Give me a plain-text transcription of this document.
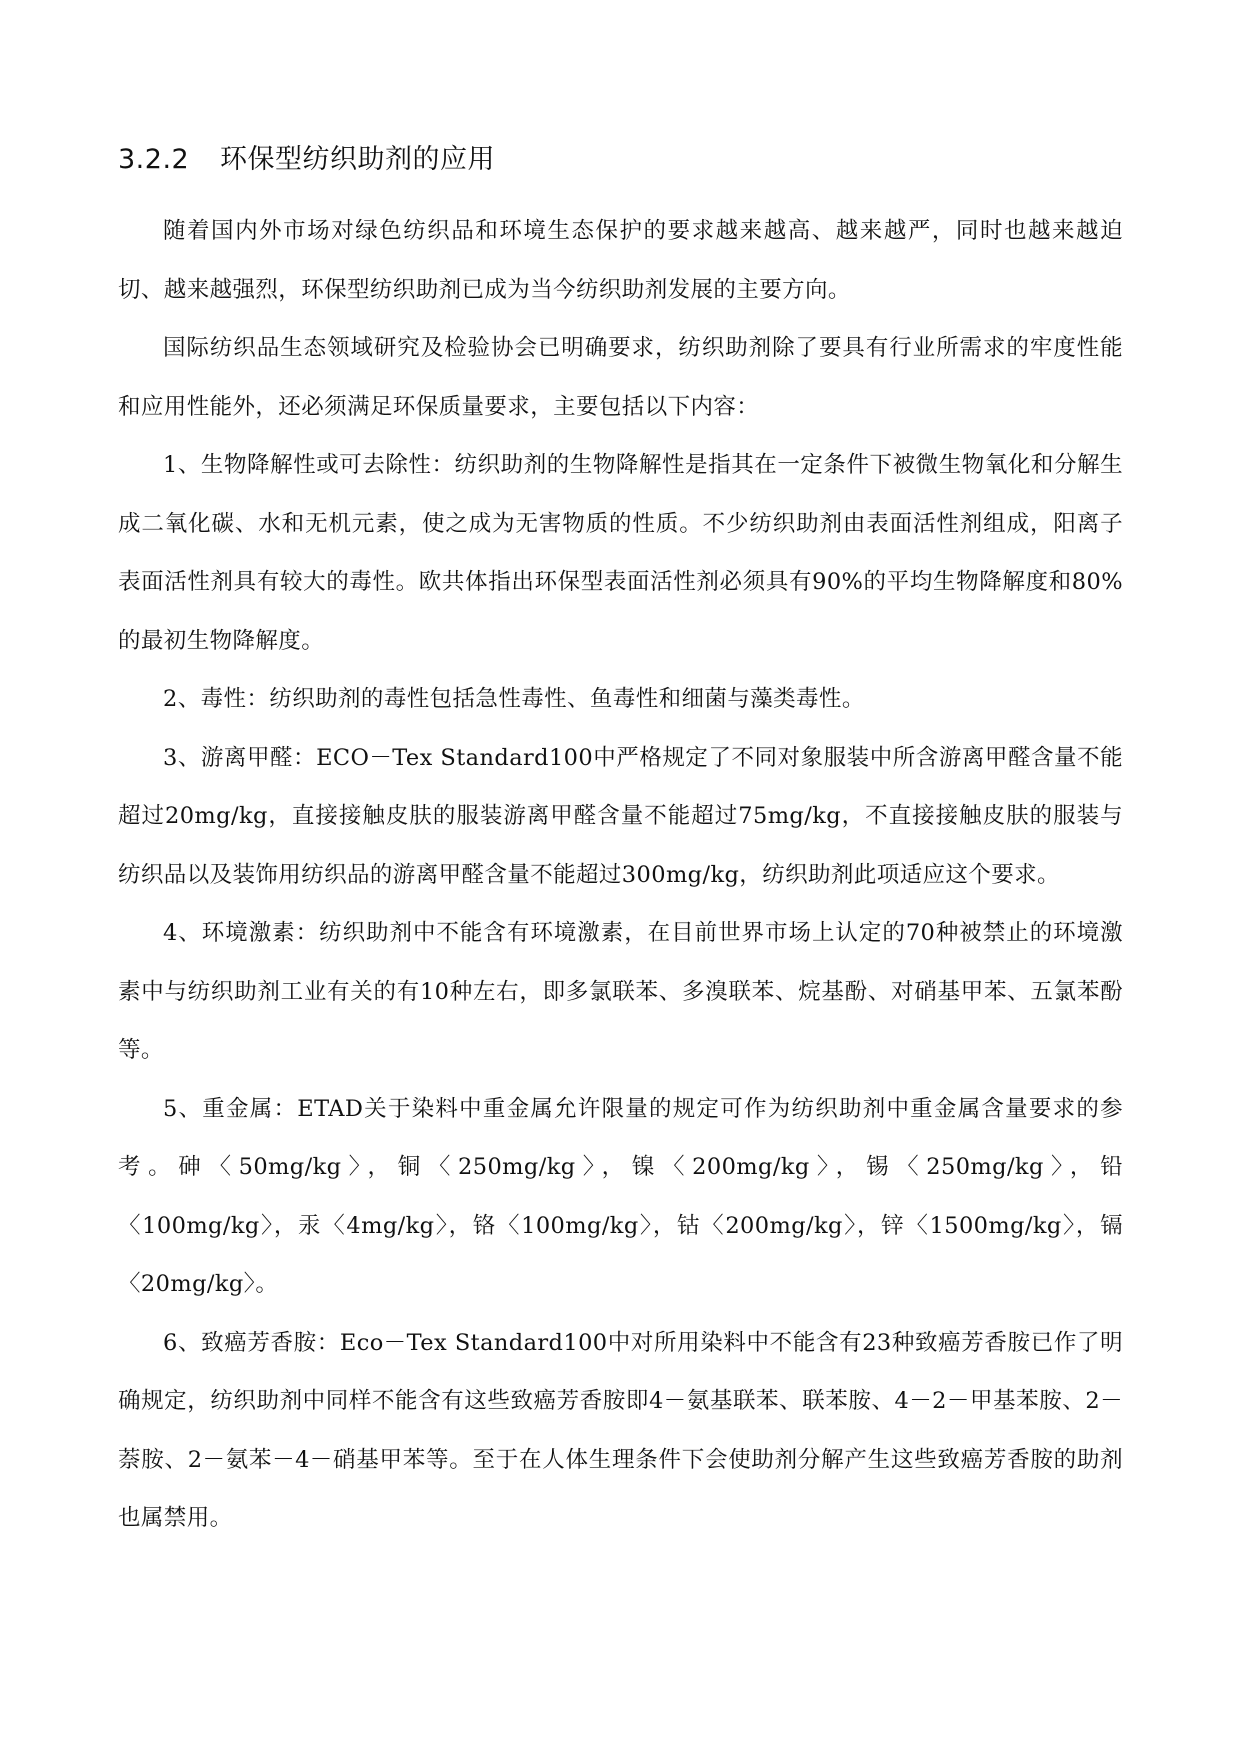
3.2.2 环保型纺织助剂的应用

随着国内外市场对绿色纺织品和环境生态保护的要求越来越高、越来越严，同时也越来越迫切、越来越强烈，环保型纺织助剂已成为当今纺织助剂发展的主要方向。

国际纺织品生态领域研究及检验协会已明确要求，纺织助剂除了要具有行业所需求的牢度性能和应用性能外，还必须满足环保质量要求，主要包括以下内容：

1、生物降解性或可去除性：纺织助剂的生物降解性是指其在一定条件下被微生物氧化和分解生成二氧化碳、水和无机元素，使之成为无害物质的性质。不少纺织助剂由表面活性剂组成，阳离子表面活性剂具有较大的毒性。欧共体指出环保型表面活性剂必须具有90%的平均生物降解度和80%的最初生物降解度。

2、毒性：纺织助剂的毒性包括急性毒性、鱼毒性和细菌与藻类毒性。

3、游离甲醛：ECO－Tex Standard100中严格规定了不同对象服装中所含游离甲醛含量不能超过20mg/kg，直接接触皮肤的服装游离甲醛含量不能超过75mg/kg，不直接接触皮肤的服装与纺织品以及装饰用纺织品的游离甲醛含量不能超过300mg/kg，纺织助剂此项适应这个要求。

4、环境激素：纺织助剂中不能含有环境激素，在目前世界市场上认定的70种被禁止的环境激素中与纺织助剂工业有关的有10种左右，即多氯联苯、多溴联苯、烷基酚、对硝基甲苯、五氯苯酚等。

5、重金属：ETAD关于染料中重金属允许限量的规定可作为纺织助剂中重金属含量要求的参考。砷〈50mg/kg〉，铜〈250mg/kg〉，镍〈200mg/kg〉，锡〈250mg/kg〉，铅〈100mg/kg〉，汞〈4mg/kg〉，铬〈100mg/kg〉，钴〈200mg/kg〉，锌〈1500mg/kg〉，镉〈20mg/kg〉。

6、致癌芳香胺：Eco－Tex Standard100中对所用染料中不能含有23种致癌芳香胺已作了明确规定，纺织助剂中同样不能含有这些致癌芳香胺即4－氨基联苯、联苯胺、4－2－甲基苯胺、2－萘胺、2－氨苯－4－硝基甲苯等。至于在人体生理条件下会使助剂分解产生这些致癌芳香胺的助剂也属禁用。
